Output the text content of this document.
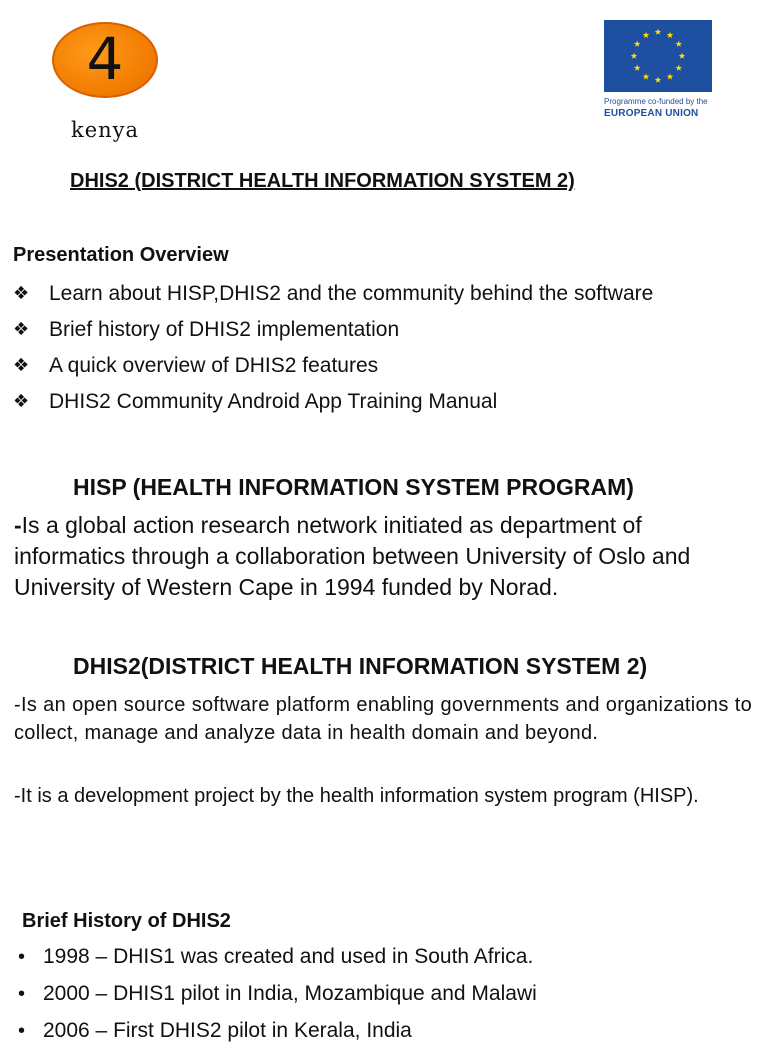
4
kenya
Programme co-funded by the
EUROPEAN UNION
DHIS2 (DISTRICT HEALTH INFORMATION SYSTEM 2)
Presentation Overview
❖ Learn about HISP,DHIS2 and the community behind the software
❖ Brief history of DHIS2 implementation
❖ A quick overview of DHIS2 features
❖ DHIS2 Community Android App Training Manual
HISP (HEALTH INFORMATION SYSTEM PROGRAM)
-Is a global action research network initiated as department of informatics through a collaboration between University of Oslo and University of Western Cape in 1994 funded by Norad.
DHIS2(DISTRICT HEALTH INFORMATION SYSTEM 2)
-Is an open source software platform enabling governments and organizations to collect, manage and analyze data in health domain and beyond.
-It is a development project by the health information system program (HISP).
Brief History of DHIS2
• 1998 – DHIS1 was created and used in South Africa.
• 2000 – DHIS1 pilot in India, Mozambique and Malawi
• 2006 – First DHIS2 pilot in Kerala, India
